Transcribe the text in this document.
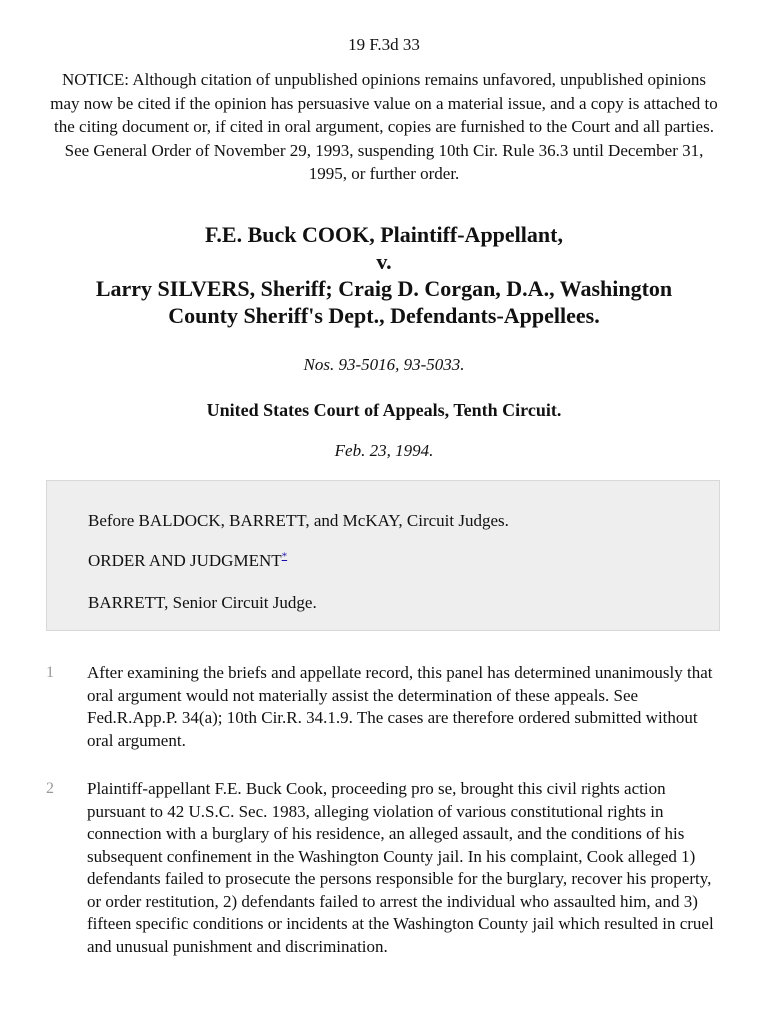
19 F.3d 33
NOTICE: Although citation of unpublished opinions remains unfavored, unpublished opinions may now be cited if the opinion has persuasive value on a material issue, and a copy is attached to the citing document or, if cited in oral argument, copies are furnished to the Court and all parties. See General Order of November 29, 1993, suspending 10th Cir. Rule 36.3 until December 31, 1995, or further order.
F.E. Buck COOK, Plaintiff-Appellant,
v.
Larry SILVERS, Sheriff; Craig D. Corgan, D.A., Washington
County Sheriff's Dept., Defendants-Appellees.
Nos. 93-5016, 93-5033.
United States Court of Appeals, Tenth Circuit.
Feb. 23, 1994.
Before BALDOCK, BARRETT, and McKAY, Circuit Judges.
ORDER AND JUDGMENT*
BARRETT, Senior Circuit Judge.
1 After examining the briefs and appellate record, this panel has determined unanimously that oral argument would not materially assist the determination of these appeals. See Fed.R.App.P. 34(a); 10th Cir.R. 34.1.9. The cases are therefore ordered submitted without oral argument.
2 Plaintiff-appellant F.E. Buck Cook, proceeding pro se, brought this civil rights action pursuant to 42 U.S.C. Sec. 1983, alleging violation of various constitutional rights in connection with a burglary of his residence, an alleged assault, and the conditions of his subsequent confinement in the Washington County jail. In his complaint, Cook alleged 1) defendants failed to prosecute the persons responsible for the burglary, recover his property, or order restitution, 2) defendants failed to arrest the individual who assaulted him, and 3) fifteen specific conditions or incidents at the Washington County jail which resulted in cruel and unusual punishment and discrimination.
